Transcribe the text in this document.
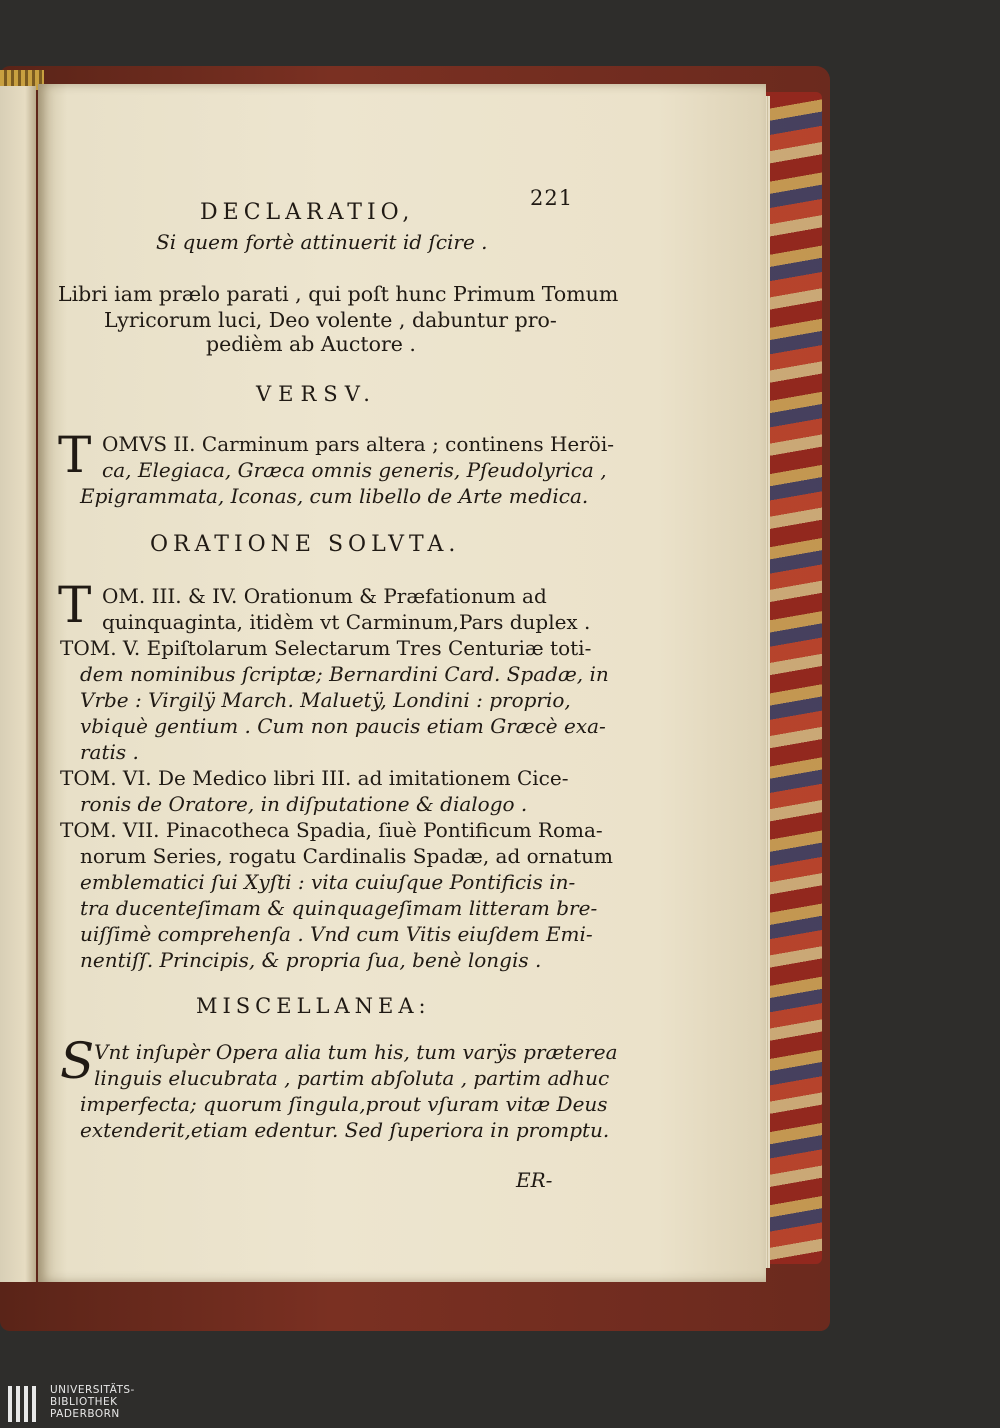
221
DECLARATIO,
Si quem fortè attinuerit id ſcire .
Libri iam prælo parati , qui poſt hunc Primum Tomum
Lyricorum luci, Deo volente , dabuntur pro-
pedièm ab Auctore .
VERSV.
T OMVS II. Carminum pars altera ; continens Heröi-
ca, Elegiaca, Græca omnis generis, Pſeudolyrica ,
Epigrammata, Iconas, cum libello de Arte medica.
ORATIONE SOLVTA.
T OM. III. & IV. Orationum & Præfationum ad
quinquaginta, itidèm vt Carminum,Pars duplex .
TOM. V. Epiſtolarum Selectarum Tres Centuriæ toti-
dem nominibus ſcriptæ; Bernardini Card. Spadæ, in
Vrbe : Virgilÿ March. Maluetÿ, Londini : proprio,
vbiquè gentium . Cum non paucis etiam Græcè exa-
ratis .
TOM. VI. De Medico libri III. ad imitationem Cice-
ronis de Oratore, in diſputatione & dialogo .
TOM. VII. Pinacotheca Spadia, ſiuè Pontificum Roma-
norum Series, rogatu Cardinalis Spadæ, ad ornatum
emblematici ſui Xyſti : vita cuiuſque Pontificis in-
tra ducenteſimam & quinquageſimam litteram bre-
uiſſimè comprehenſa . Vnd cum Vitis eiuſdem Emi-
nentiſſ. Principis, & propria ſua, benè longis .
MISCELLANEA:
S Vnt inſupèr Opera alia tum his, tum varÿs præterea
linguis elucubrata , partim abſoluta , partim adhuc
imperfecta; quorum ſingula,prout vſuram vitæ Deus
extenderit,etiam edentur. Sed ſuperiora in promptu.
ER-
UNIVERSITÄTS-
BIBLIOTHEK
PADERBORN
